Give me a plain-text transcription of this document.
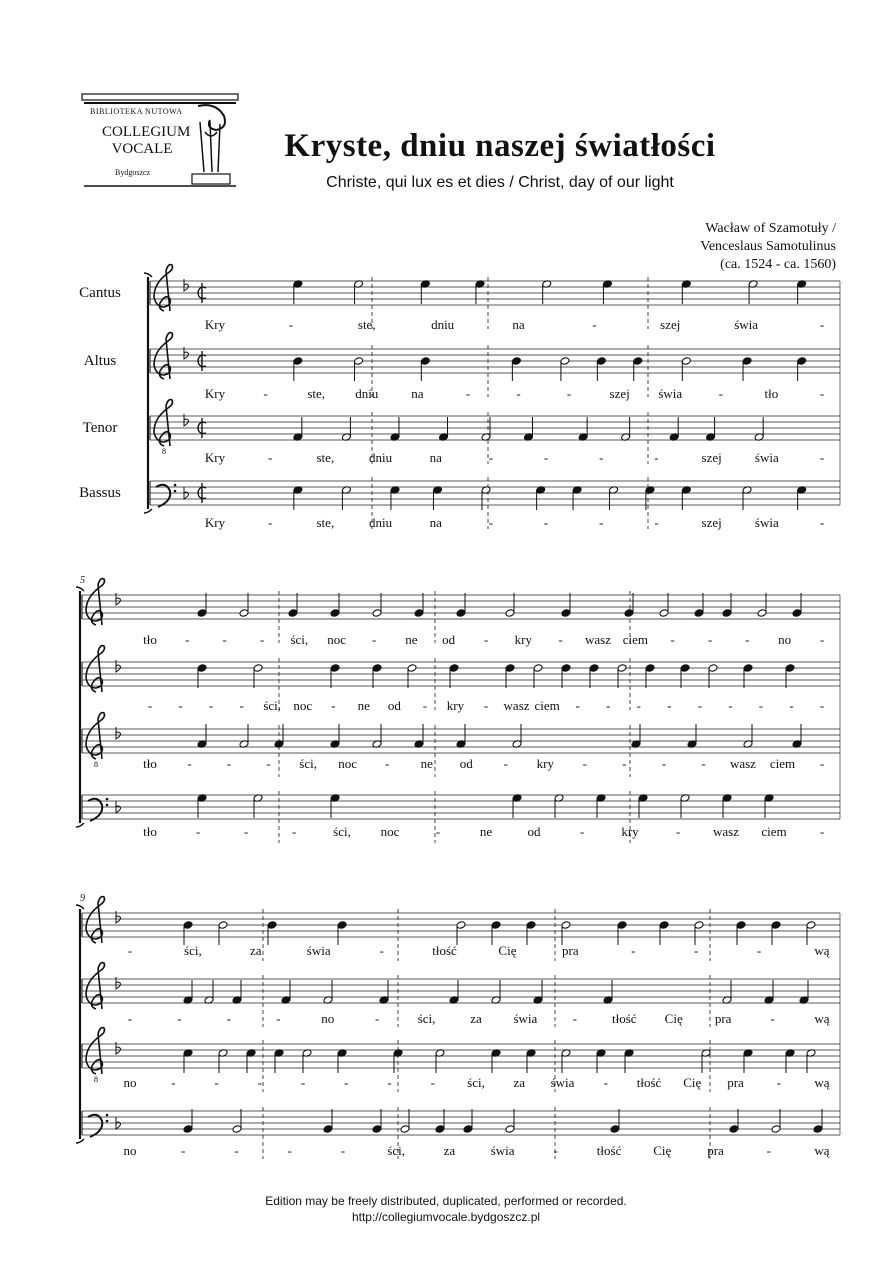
BIBLIOTEKA NUTOWA
COLLEGIUM
VOCALE
Bydgoszcz
Kryste, dniu naszej światłości
Christe, qui lux es et dies / Christ, day of our light
Wacław of Szamotuły /
Venceslaus Samotulinus
(ca. 1524 - ca. 1560)
Cantus
Altus
Tenor
Bassus
Kry	-	ste,	dniu	na	-	szej	świa	-
Kry	-	ste, dniu	na	-	-	-	szej świa	-	tło	-
8	Kry	-	ste,	dniu	na	-	-	-	-	szej	świa	-
Kry	-	ste,	dniu	na	-	-	-	-	szej	świa	-
5
tło -	-	- ści, noc - ne od - kry - wasz ciem -	-	- no -
- - - - ści, noc - ne od - kry - wasz ciem - - - - - - - - -
8	tło -	-	- ści, noc - ne od - kry -	-	-	- wasz ciem -
tło	-	-	-	ści, noc	-	ne	od	-	kry	-	wasz ciem	-
9
-	ści,	za	świa	-	tłość	Cię	pra	-	-	-	wą
-	-	-	-	no	-	ści,	za świa	-	tłość Cię pra	-	wą
8 no	-	-	-	-	-	-	- ści, za świa - tłość Cię pra	-	wą
no	-	-	-	-	ści,	za	świa	-	tłość Cię	pra	-	wą
Edition may be freely distributed, duplicated, performed or recorded.
http://collegiumvocale.bydgoszcz.pl
